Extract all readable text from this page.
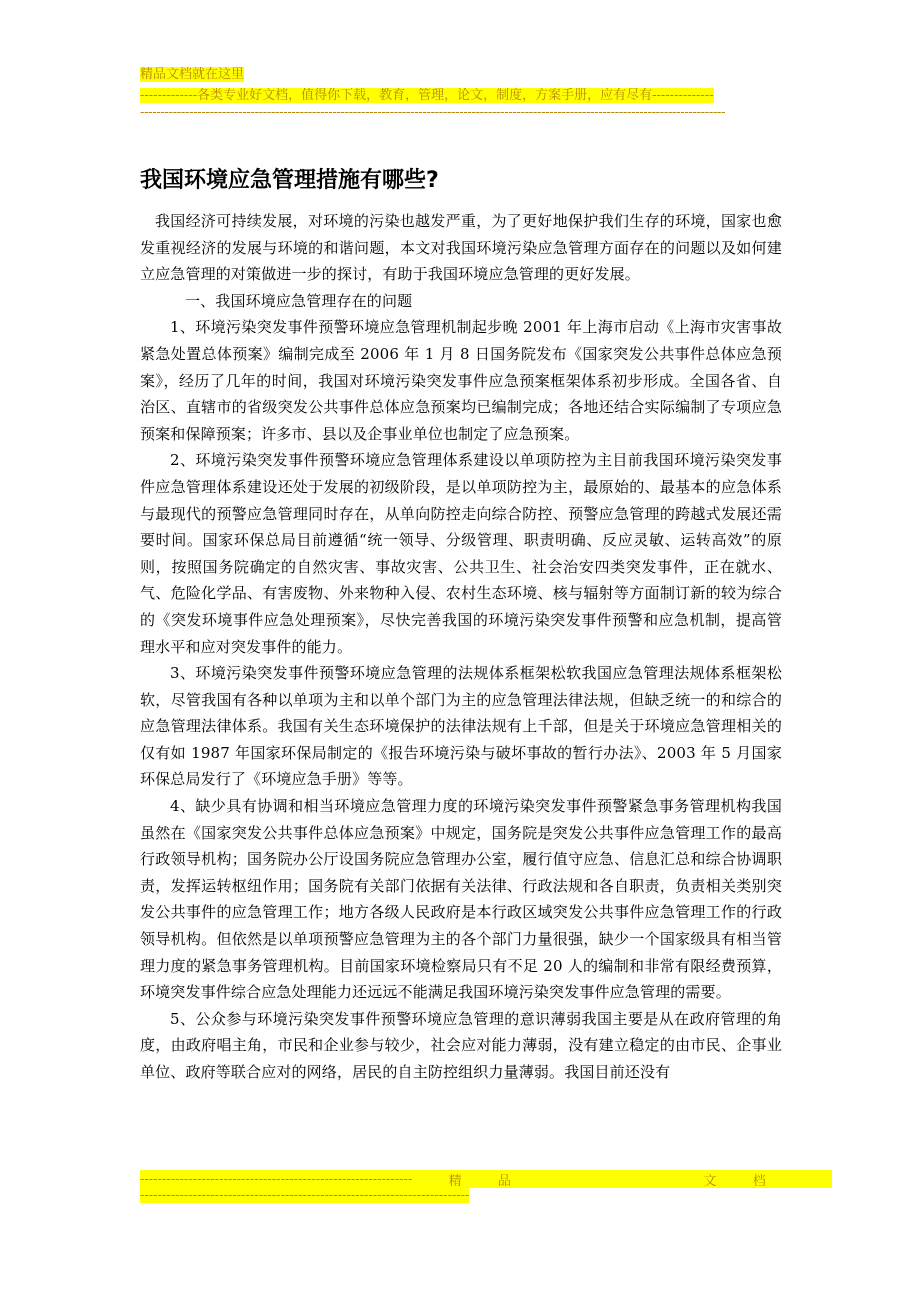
精品文档就在这里
-------------各类专业好文档，值得你下载，教育，管理，论文，制度，方案手册，应有尽有--------------
-----------------------------------------------------------------------------------------------------------------------------------------------
我国环境应急管理措施有哪些?

我国经济可持续发展，对环境的污染也越发严重，为了更好地保护我们生存的环境，国家也愈发重视经济的发展与环境的和谐问题，本文对我国环境污染应急管理方面存在的问题以及如何建立应急管理的对策做进一步的探讨，有助于我国环境应急管理的更好发展。

一、我国环境应急管理存在的问题

1、环境污染突发事件预警环境应急管理机制起步晚 2001 年上海市启动《上海市灾害事故紧急处置总体预案》编制完成至 2006 年 1 月 8 日国务院发布《国家突发公共事件总体应急预案》，经历了几年的时间，我国对环境污染突发事件应急预案框架体系初步形成。全国各省、自治区、直辖市的省级突发公共事件总体应急预案均已编制完成；各地还结合实际编制了专项应急预案和保障预案；许多市、县以及企事业单位也制定了应急预案。

2、环境污染突发事件预警环境应急管理体系建设以单项防控为主目前我国环境污染突发事件应急管理体系建设还处于发展的初级阶段，是以单项防控为主，最原始的、最基本的应急体系与最现代的预警应急管理同时存在，从单向防控走向综合防控、预警应急管理的跨越式发展还需要时间。国家环保总局目前遵循“统一领导、分级管理、职责明确、反应灵敏、运转高效”的原则，按照国务院确定的自然灾害、事故灾害、公共卫生、社会治安四类突发事件，正在就水、气、危险化学品、有害废物、外来物种入侵、农村生态环境、核与辐射等方面制订新的较为综合的《突发环境事件应急处理预案》，尽快完善我国的环境污染突发事件预警和应急机制，提高管理水平和应对突发事件的能力。

3、环境污染突发事件预警环境应急管理的法规体系框架松软我国应急管理法规体系框架松软，尽管我国有各种以单项为主和以单个部门为主的应急管理法律法规，但缺乏统一的和综合的应急管理法律体系。我国有关生态环境保护的法律法规有上千部，但是关于环境应急管理相关的仅有如 1987 年国家环保局制定的《报告环境污染与破坏事故的暂行办法》、2003 年 5 月国家环保总局发行了《环境应急手册》等等。

4、缺少具有协调和相当环境应急管理力度的环境污染突发事件预警紧急事务管理机构我国虽然在《国家突发公共事件总体应急预案》中规定，国务院是突发公共事件应急管理工作的最高行政领导机构；国务院办公厅设国务院应急管理办公室，履行值守应急、信息汇总和综合协调职责，发挥运转枢纽作用；国务院有关部门依据有关法律、行政法规和各自职责，负责相关类别突发公共事件的应急管理工作；地方各级人民政府是本行政区域突发公共事件应急管理工作的行政领导机构。但依然是以单项预警应急管理为主的各个部门力量很强，缺少一个国家级具有相当管理力度的紧急事务管理机构。目前国家环境检察局只有不足 20 人的编制和非常有限经费预算，环境突发事件综合应急处理能力还远远不能满足我国环境污染突发事件应急管理的需要。

5、公众参与环境污染突发事件预警环境应急管理的意识薄弱我国主要是从在政府管理的角度，由政府唱主角，市民和企业参与较少，社会应对能力薄弱，没有建立稳定的由市民、企事业单位、政府等联合应对的网络，居民的自主防控组织力量薄弱。我国目前还没有

--------------------------------------------------------------	精	品	文	档
---------------------------------------------------------------------------
